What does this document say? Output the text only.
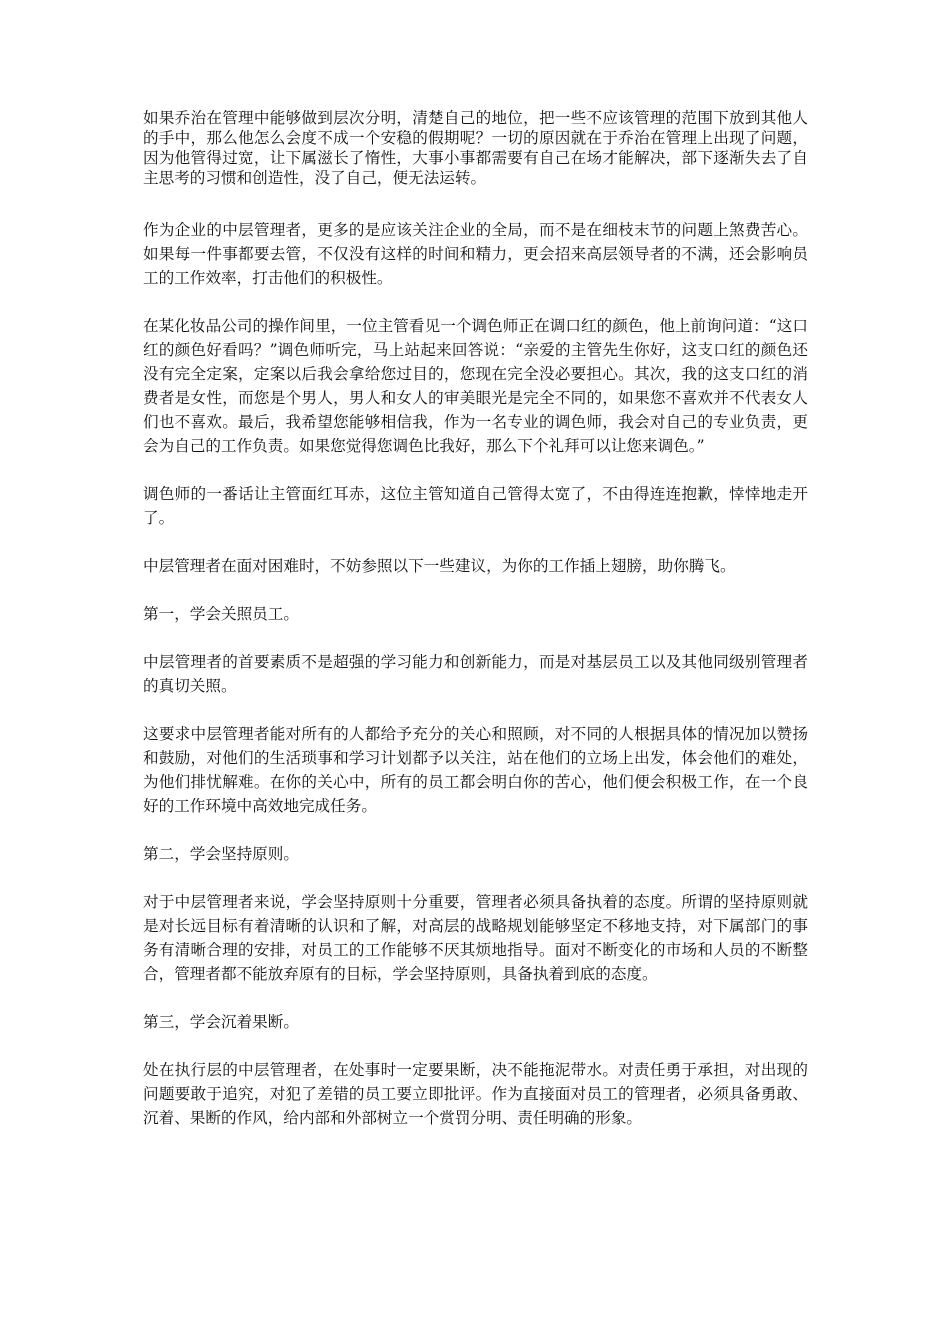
如果乔治在管理中能够做到层次分明，清楚自己的地位，把一些不应该管理的范围下放到其他人的手中，那么他怎么会度不成一个安稳的假期呢？一切的原因就在于乔治在管理上出现了问题，因为他管得过宽，让下属滋长了惰性，大事小事都需要有自己在场才能解决，部下逐渐失去了自主思考的习惯和创造性，没了自己，便无法运转。

作为企业的中层管理者，更多的是应该关注企业的全局，而不是在细枝末节的问题上煞费苦心。如果每一件事都要去管，不仅没有这样的时间和精力，更会招来高层领导者的不满，还会影响员工的工作效率，打击他们的积极性。

在某化妆品公司的操作间里，一位主管看见一个调色师正在调口红的颜色，他上前询问道：“这口红的颜色好看吗？”调色师听完，马上站起来回答说：“亲爱的主管先生你好，这支口红的颜色还没有完全定案，定案以后我会拿给您过目的，您现在完全没必要担心。其次，我的这支口红的消费者是女性，而您是个男人，男人和女人的审美眼光是完全不同的，如果您不喜欢并不代表女人们也不喜欢。最后，我希望您能够相信我，作为一名专业的调色师，我会对自己的专业负责，更会为自己的工作负责。如果您觉得您调色比我好，那么下个礼拜可以让您来调色。”

调色师的一番话让主管面红耳赤，这位主管知道自己管得太宽了，不由得连连抱歉，悻悻地走开了。

中层管理者在面对困难时，不妨参照以下一些建议，为你的工作插上翅膀，助你腾飞。

第一，学会关照员工。

中层管理者的首要素质不是超强的学习能力和创新能力，而是对基层员工以及其他同级别管理者的真切关照。

这要求中层管理者能对所有的人都给予充分的关心和照顾，对不同的人根据具体的情况加以赞扬和鼓励，对他们的生活琐事和学习计划都予以关注，站在他们的立场上出发，体会他们的难处，为他们排忧解难。在你的关心中，所有的员工都会明白你的苦心，他们便会积极工作，在一个良好的工作环境中高效地完成任务。

第二，学会坚持原则。

对于中层管理者来说，学会坚持原则十分重要，管理者必须具备执着的态度。所谓的坚持原则就是对长远目标有着清晰的认识和了解，对高层的战略规划能够坚定不移地支持，对下属部门的事务有清晰合理的安排，对员工的工作能够不厌其烦地指导。面对不断变化的市场和人员的不断整合，管理者都不能放弃原有的目标，学会坚持原则，具备执着到底的态度。

第三，学会沉着果断。

处在执行层的中层管理者，在处事时一定要果断，决不能拖泥带水。对责任勇于承担，对出现的问题要敢于追究，对犯了差错的员工要立即批评。作为直接面对员工的管理者，必须具备勇敢、沉着、果断的作风，给内部和外部树立一个赏罚分明、责任明确的形象。
